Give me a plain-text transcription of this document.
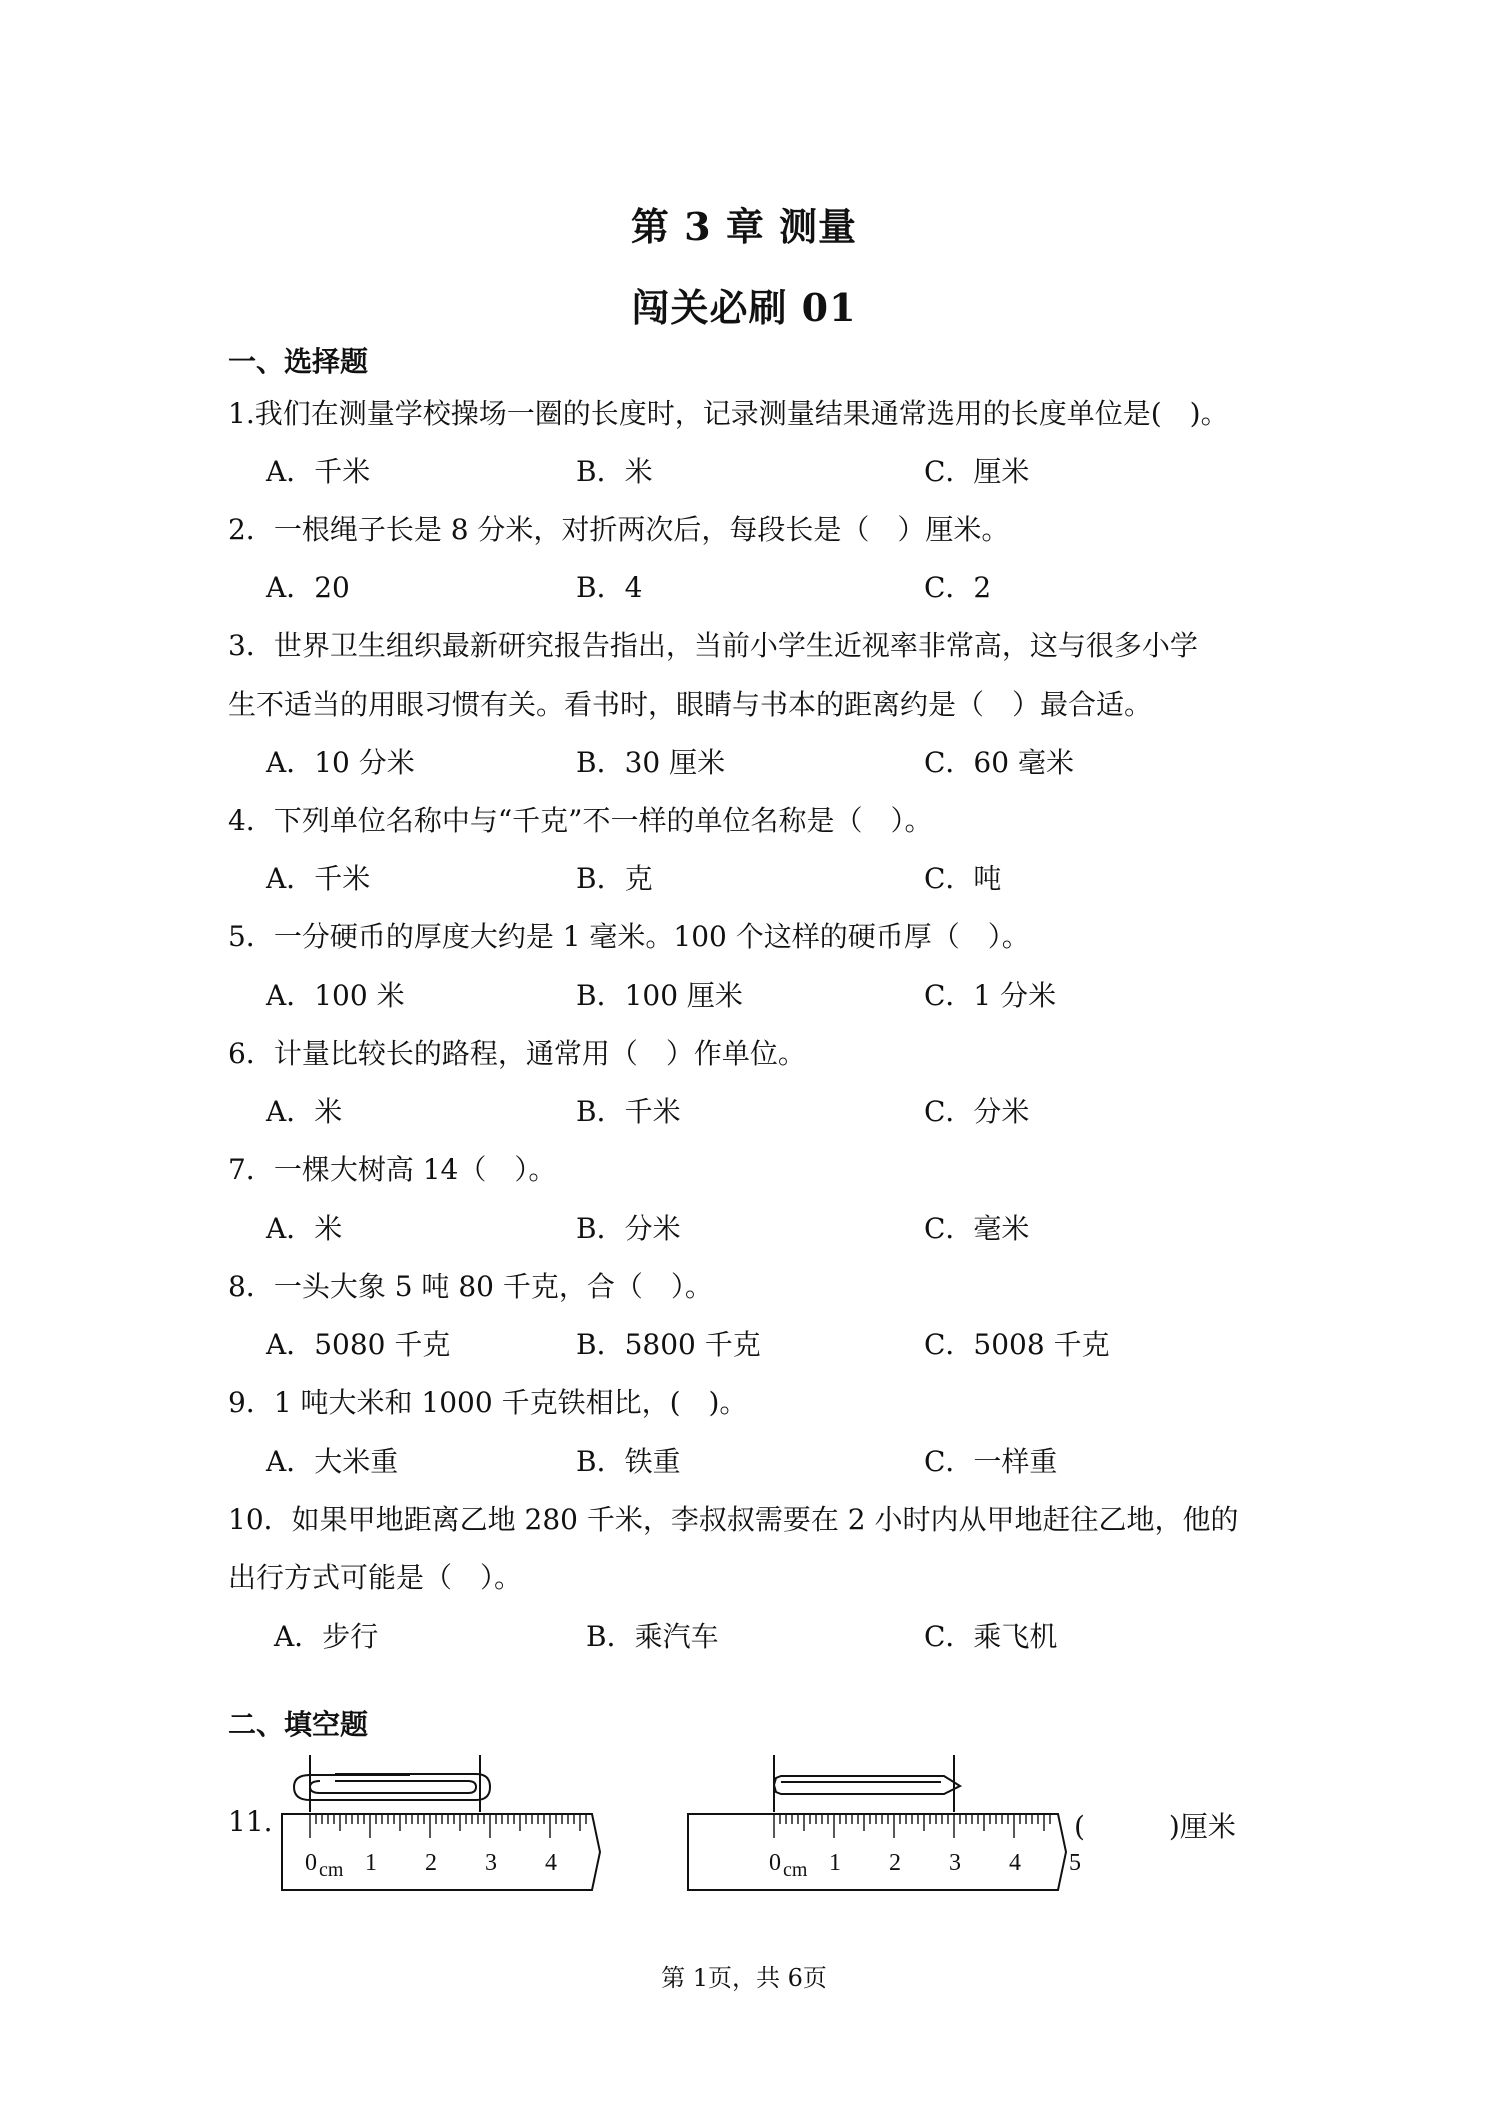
第 3 章 测量
闯关必刷 01
一、选择题
1.我们在测量学校操场一圈的长度时，记录测量结果通常选用的长度单位是(　)。
A．千米	B．米	C．厘米
2．一根绳子长是 8 分米，对折两次后，每段长是（　）厘米。
A．20	B．4	C．2
3．世界卫生组织最新研究报告指出，当前小学生近视率非常高，这与很多小学
生不适当的用眼习惯有关。看书时，眼睛与书本的距离约是（　）最合适。
A．10 分米	B．30 厘米	C．60 毫米
4．下列单位名称中与“千克”不一样的单位名称是（　）。
A．千米	B．克	C．吨
5．一分硬币的厚度大约是 1 毫米。100 个这样的硬币厚（　）。
A．100 米	B．100 厘米	C．1 分米
6．计量比较长的路程，通常用（　）作单位。
A．米	B．千米	C．分米
7．一棵大树高 14（　）。
A．米	B．分米	C．毫米
8．一头大象 5 吨 80 千克，合（　）。
A．5080 千克	B．5800 千克	C．5008 千克
9．1 吨大米和 1000 千克铁相比，(　)。
A．大米重	B．铁重	C．一样重
10．如果甲地距离乙地 280 千米，李叔叔需要在 2 小时内从甲地赶往乙地，他的
出行方式可能是（　）。
A．步行	B．乘汽车	C．乘飞机
二、填空题
11.
0 1 2 3 4
cm	0 1 2 3 4 5
cm
(　　　)厘米
第 1页，共 6页
